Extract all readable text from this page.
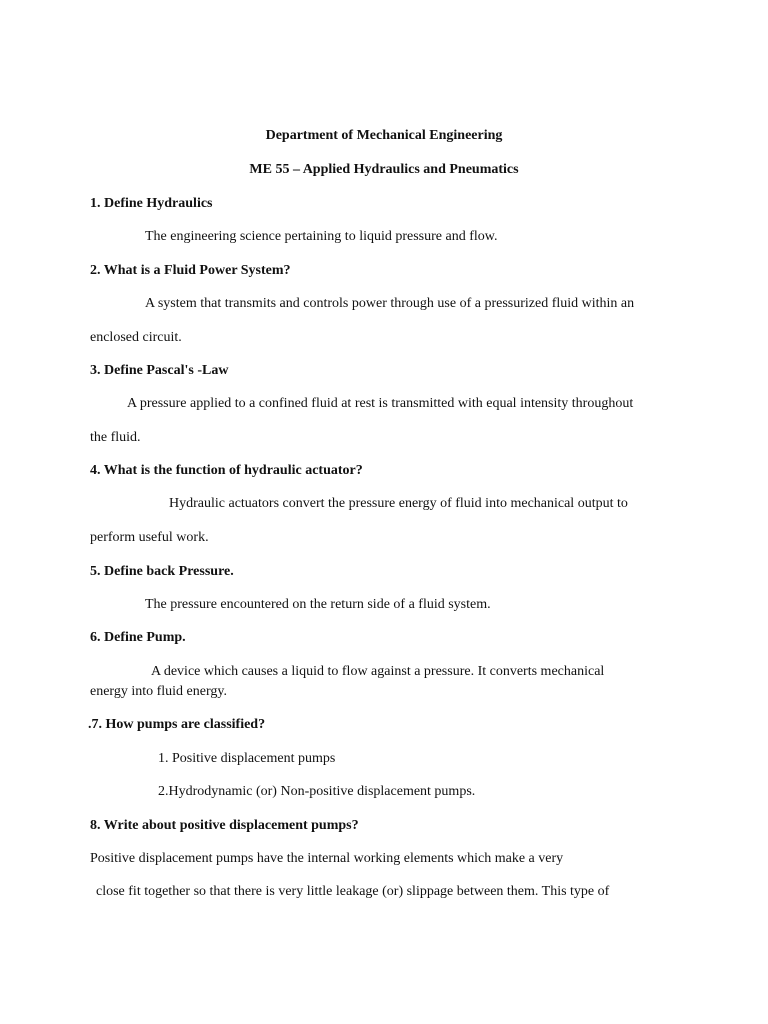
Department of Mechanical Engineering

ME 55 – Applied Hydraulics and Pneumatics

1. Define Hydraulics

The engineering science pertaining to liquid pressure and flow.

2. What is a Fluid Power System?

A system that transmits and controls power through use of a pressurized fluid within an

enclosed circuit.

3. Define Pascal's -Law

A pressure applied to a confined fluid at rest is transmitted with equal intensity throughout

the fluid.

4. What is the function of hydraulic actuator?

Hydraulic actuators convert the pressure energy of fluid into mechanical output to

perform useful work.

5. Define back Pressure.

The pressure encountered on the return side of a fluid system.

6. Define Pump.

A device which causes a liquid to flow against a pressure. It converts mechanical

energy into fluid energy.

.7. How pumps are classified?

1. Positive displacement pumps

2.Hydrodynamic (or) Non-positive displacement pumps.

8. Write about positive displacement pumps?

Positive displacement pumps have the internal working elements which make a very

close fit together so that there is very little leakage (or) slippage between them. This type of
